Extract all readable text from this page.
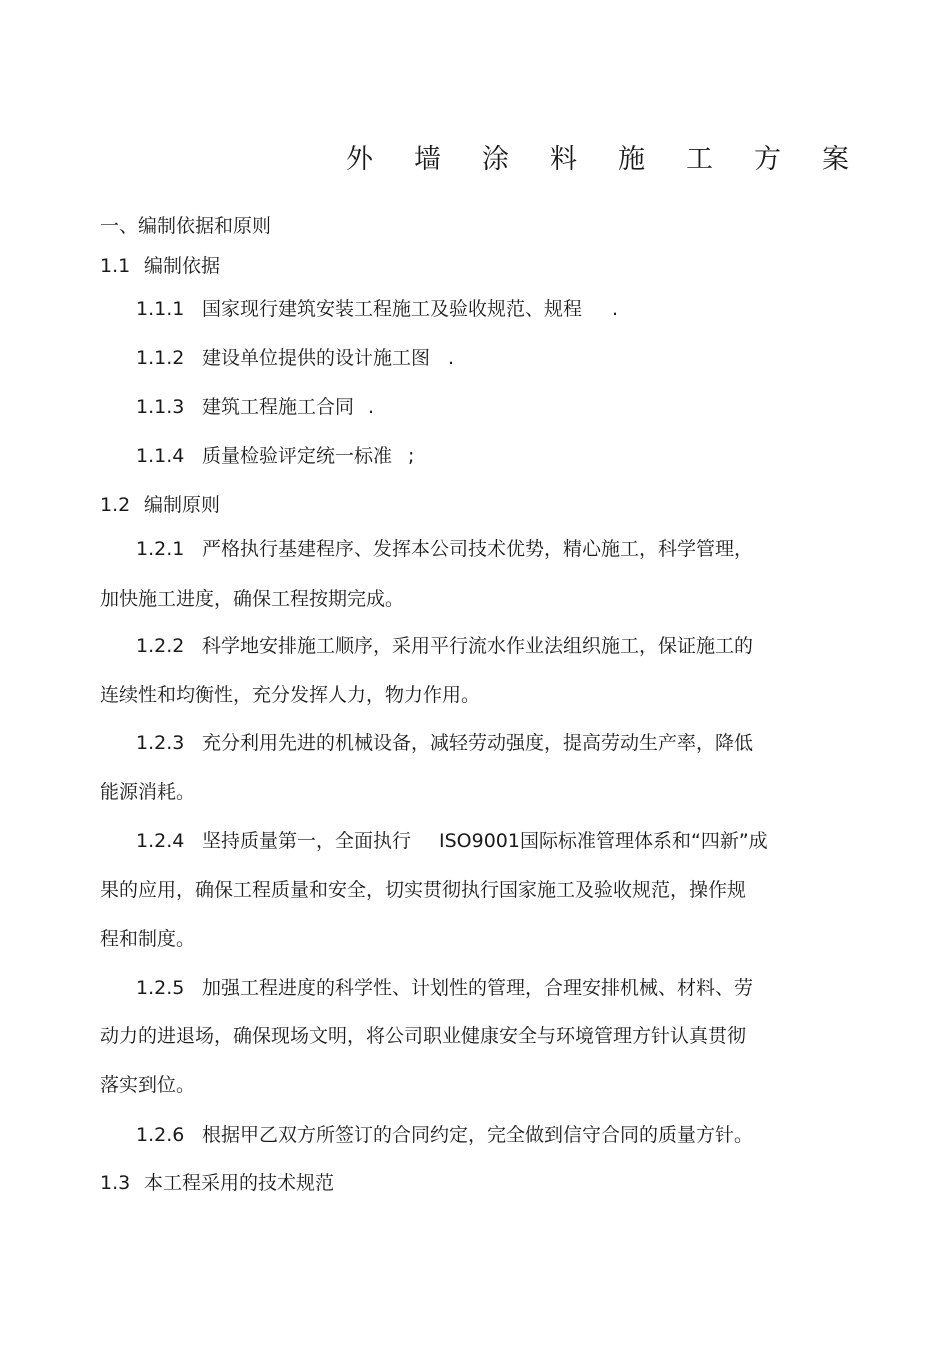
外墙涂料施工方案
一、编制依据和原则
1.1 编制依据
1.1.1 国家现行建筑安装工程施工及验收规范、规程 .
1.1.2 建设单位提供的设计施工图 .
1.1.3 建筑工程施工合同 .
1.1.4 质量检验评定统一标准 ;
1.2 编制原则
1.2.1 严格执行基建程序、发挥本公司技术优势，精心施工，科学管理，
加快施工进度，确保工程按期完成。
1.2.2 科学地安排施工顺序，采用平行流水作业法组织施工，保证施工的
连续性和均衡性，充分发挥人力，物力作用。
1.2.3 充分利用先进的机械设备，减轻劳动强度，提高劳动生产率，降低
能源消耗。
1.2.4 坚持质量第一，全面执行 ISO9001国际标准管理体系和“四新”成
果的应用，确保工程质量和安全，切实贯彻执行国家施工及验收规范，操作规
程和制度。
1.2.5 加强工程进度的科学性、计划性的管理，合理安排机械、材料、劳
动力的进退场，确保现场文明，将公司职业健康安全与环境管理方针认真贯彻
落实到位。
1.2.6 根据甲乙双方所签订的合同约定，完全做到信守合同的质量方针。
1.3 本工程采用的技术规范
